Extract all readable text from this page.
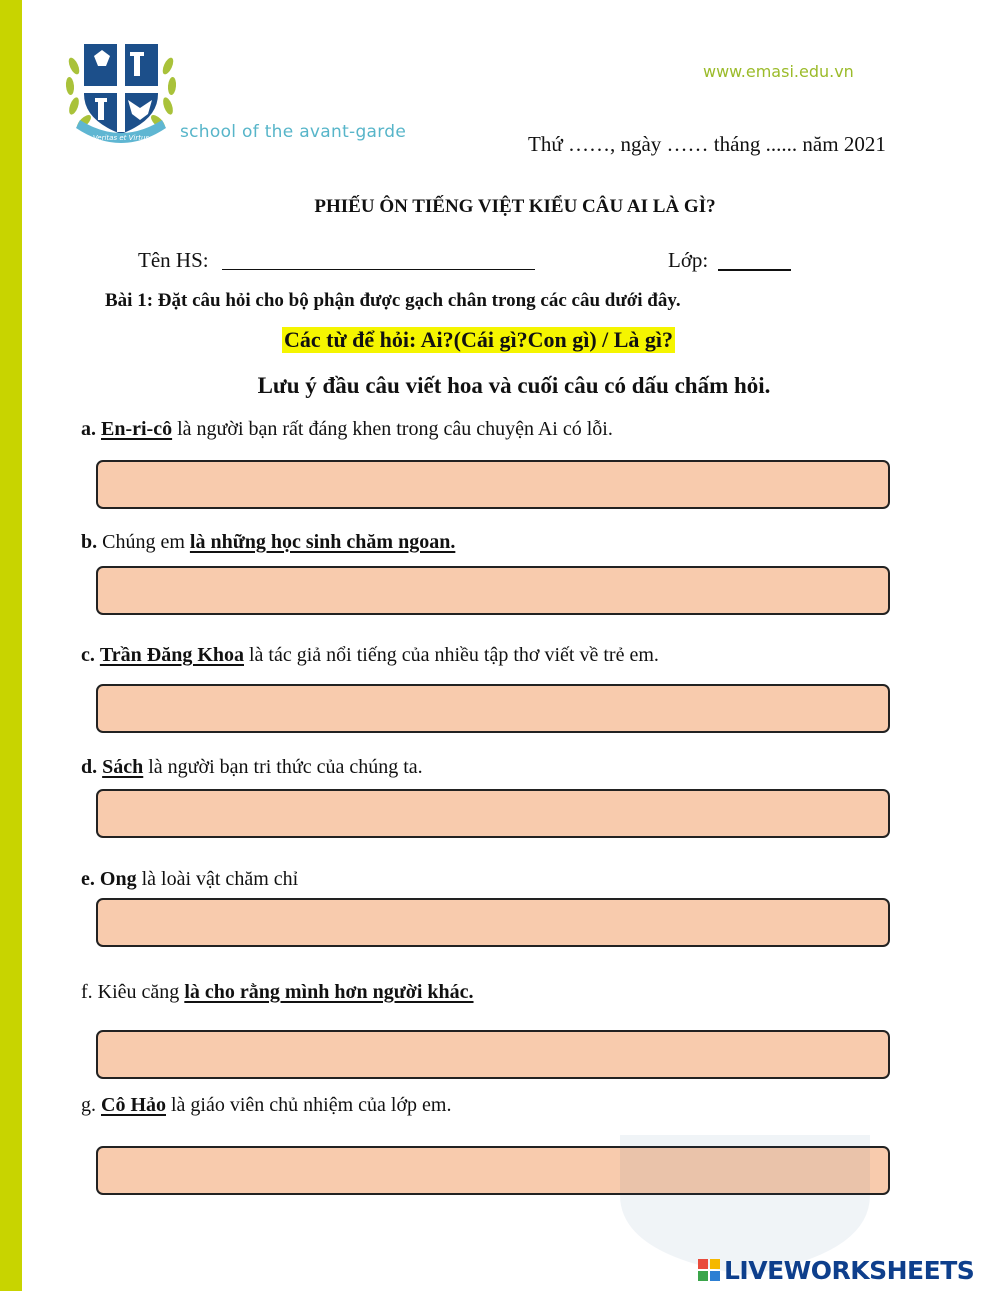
Veritas et Virtus school of the avant-garde
www.emasi.edu.vn
Thứ ……, ngày …… tháng ...... năm 2021
PHIẾU ÔN TIẾNG VIỆT KIỂU CÂU AI LÀ GÌ?
Tên HS:	Lớp:
Bài 1: Đặt câu hỏi cho bộ phận được gạch chân trong các câu dưới đây.
Các từ để hỏi: Ai?(Cái gì?Con gì) / Là gì?
Lưu ý đầu câu viết hoa và cuối câu có dấu chấm hỏi.
a. En-ri-cô là người bạn rất đáng khen trong câu chuyện Ai có lỗi.
b. Chúng em là những học sinh chăm ngoan.
c. Trần Đăng Khoa là tác giả nổi tiếng của nhiều tập thơ viết về trẻ em.
d. Sách là người bạn tri thức của chúng ta.
e. Ong là loài vật chăm chỉ
f. Kiêu căng là cho rằng mình hơn người khác.
g. Cô Hảo là giáo viên chủ nhiệm của lớp em.
LIVEWORKSHEETS
